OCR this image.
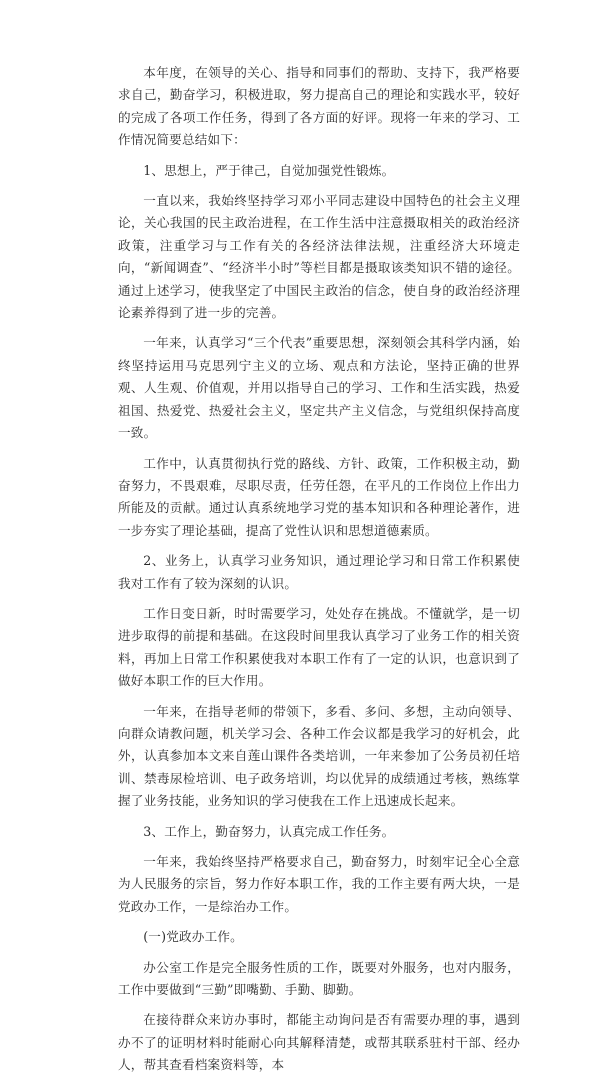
本年度，在领导的关心、指导和同事们的帮助、支持下，我严格要求自己，勤奋学习，积极进取，努力提高自己的理论和实践水平，较好的完成了各项工作任务，得到了各方面的好评。现将一年来的学习、工作情况简要总结如下：

1、思想上，严于律己，自觉加强党性锻炼。

一直以来，我始终坚持学习邓小平同志建设中国特色的社会主义理论，关心我国的民主政治进程，在工作生活中注意摄取相关的政治经济政策，注重学习与工作有关的各经济法律法规，注重经济大环境走向，“新闻调查”、“经济半小时”等栏目都是摄取该类知识不错的途径。通过上述学习，使我坚定了中国民主政治的信念，使自身的政治经济理论素养得到了进一步的完善。

一年来，认真学习“三个代表”重要思想，深刻领会其科学内涵，始终坚持运用马克思列宁主义的立场、观点和方法论，坚持正确的世界观、人生观、价值观，并用以指导自己的学习、工作和生活实践，热爱祖国、热爱党、热爱社会主义，坚定共产主义信念，与党组织保持高度一致。

工作中，认真贯彻执行党的路线、方针、政策，工作积极主动，勤奋努力，不畏艰难，尽职尽责，任劳任怨，在平凡的工作岗位上作出力所能及的贡献。通过认真系统地学习党的基本知识和各种理论著作，进一步夯实了理论基础，提高了党性认识和思想道德素质。

2、业务上，认真学习业务知识，通过理论学习和日常工作积累使我对工作有了较为深刻的认识。

工作日变日新，时时需要学习，处处存在挑战。不懂就学，是一切进步取得的前提和基础。在这段时间里我认真学习了业务工作的相关资料，再加上日常工作积累使我对本职工作有了一定的认识，也意识到了做好本职工作的巨大作用。

一年来，在指导老师的带领下，多看、多问、多想，主动向领导、向群众请教问题，机关学习会、各种工作会议都是我学习的好机会，此外，认真参加本文来自莲山课件各类培训，一年来参加了公务员初任培训、禁毒尿检培训、电子政务培训，均以优异的成绩通过考核，熟练掌握了业务技能，业务知识的学习使我在工作上迅速成长起来。

3、工作上，勤奋努力，认真完成工作任务。

一年来，我始终坚持严格要求自己，勤奋努力，时刻牢记全心全意为人民服务的宗旨，努力作好本职工作，我的工作主要有两大块，一是党政办工作，一是综治办工作。

(一)党政办工作。

办公室工作是完全服务性质的工作，既要对外服务，也对内服务，工作中要做到“三勤”即嘴勤、手勤、脚勤。

在接待群众来访办事时，都能主动询问是否有需要办理的事，遇到办不了的证明材料时能耐心向其解释清楚，或帮其联系驻村干部、经办人，帮其查看档案资料等，本
